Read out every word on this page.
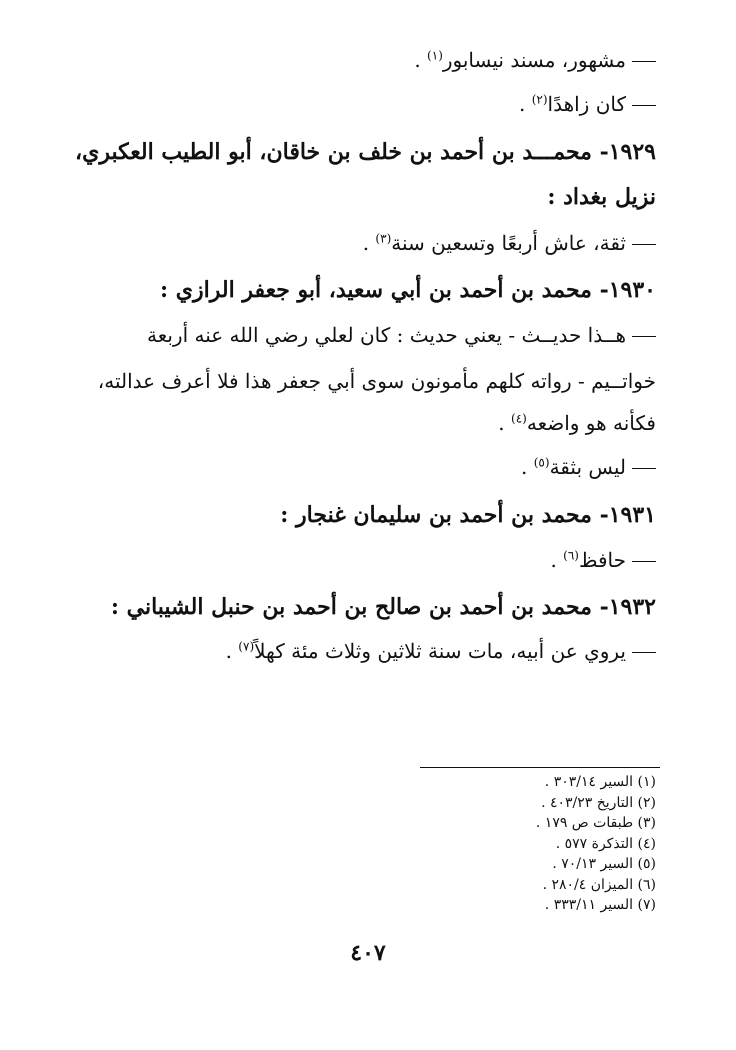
مشهور، مسند نيسابور$^{(١)}$ .
كان زاهدًا$^{(٢)}$ .
١٩٢٩- محمـــد بن أحمد بن خلف بن خاقان، أبو الطيب العكبري،
نزيل بغداد :
ثقة، عاش أربعًا وتسعين سنة$^{(٣)}$ .
١٩٣٠- محمد بن أحمد بن أبي سعيد، أبو جعفر الرازي :
هــذا حديــث - يعني حديث : كان لعلي رضي الله عنه أربعة
خواتــيم - رواته كلهم مأمونون سوى أبي جعفر هذا فلا أعرف عدالته،
فكأنه هو واضعه$^{(٤)}$ .
ليس بثقة$^{(٥)}$ .
١٩٣١- محمد بن أحمد بن سليمان غنجار :
حافظ$^{(٦)}$ .
١٩٣٢- محمد بن أحمد بن صالح بن أحمد بن حنبل الشيباني :
يروي عن أبيه، مات سنة ثلاثين وثلاث مئة كهلاً$^{(٧)}$ .
(١) السير ٣٠٣/١٤ .
(٢) التاريخ ٤٠٣/٢٣ .
(٣) طبقات ص ١٧٩ .
(٤) التذكرة ٥٧٧ .
(٥) السير ٧٠/١٣ .
(٦) الميزان ٢٨٠/٤ .
(٧) السير ٣٣٣/١١ .
٤٠٧
